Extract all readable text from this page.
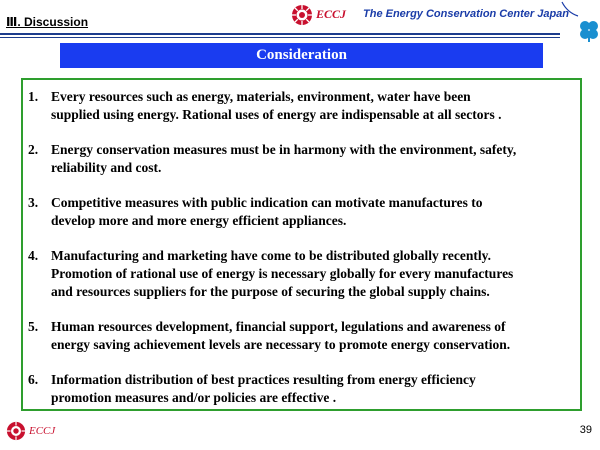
Ⅲ. Discussion
ECCJ The Energy Conservation Center Japan
Consideration
1. Every resources such as energy, materials, environment, water have been
supplied using energy. Rational uses of energy are indispensable at all sectors .
2. Energy conservation measures must be in harmony with the environment, safety,
reliability and cost.
3. Competitive measures with public indication can motivate manufactures to
develop more and more energy efficient appliances.
4. Manufacturing and marketing have come to be distributed globally recently.
Promotion of rational use of energy is necessary globally for every manufactures
and resources suppliers for the purpose of securing the global supply chains.
5. Human resources development, financial support, legulations and awareness of
energy saving achievement levels are necessary to promote energy conservation.
6. Information distribution of best practices resulting from energy efficiency
promotion measures and/or policies are effective .
ECCJ	39
